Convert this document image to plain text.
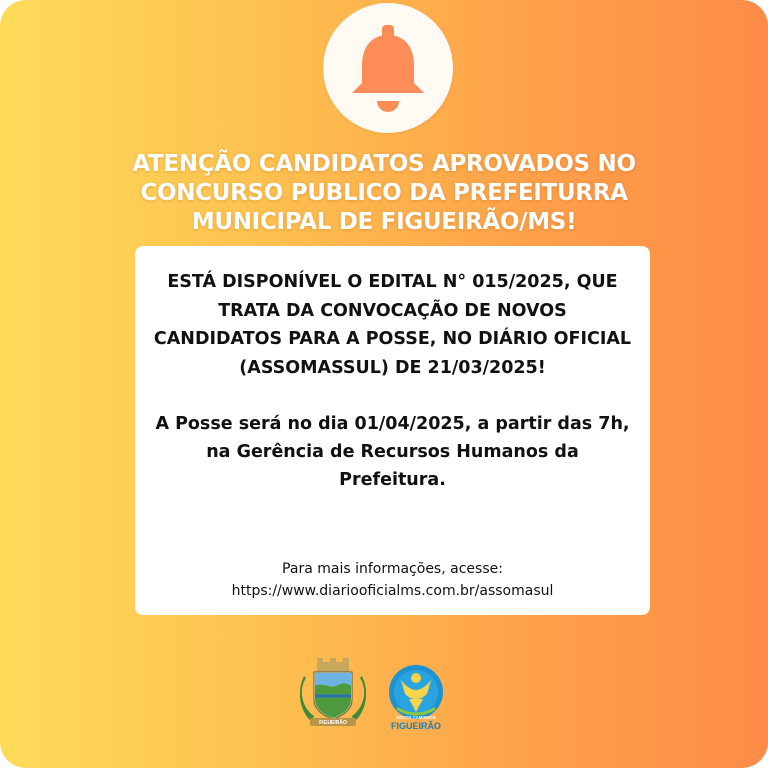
ATENÇÃO CANDIDATOS APROVADOS NO
CONCURSO PUBLICO DA PREFEITURRA
MUNICIPAL DE FIGUEIRÃO/MS!

ESTÁ DISPONÍVEL O EDITAL N° 015/2025, QUE
TRATA DA CONVOCAÇÃO DE NOVOS
CANDIDATOS PARA A POSSE, NO DIÁRIO OFICIAL
(ASSOMASSUL) DE 21/03/2025!

A Posse será no dia 01/04/2025, a partir das 7h,
na Gerência de Recursos Humanos da
Prefeitura.

Para mais informações, acesse:

https://www.diariooficialms.com.br/assomasul

FIGUEIRÃO
NOVOS CAMINHOS
FIGUEIRÃO
